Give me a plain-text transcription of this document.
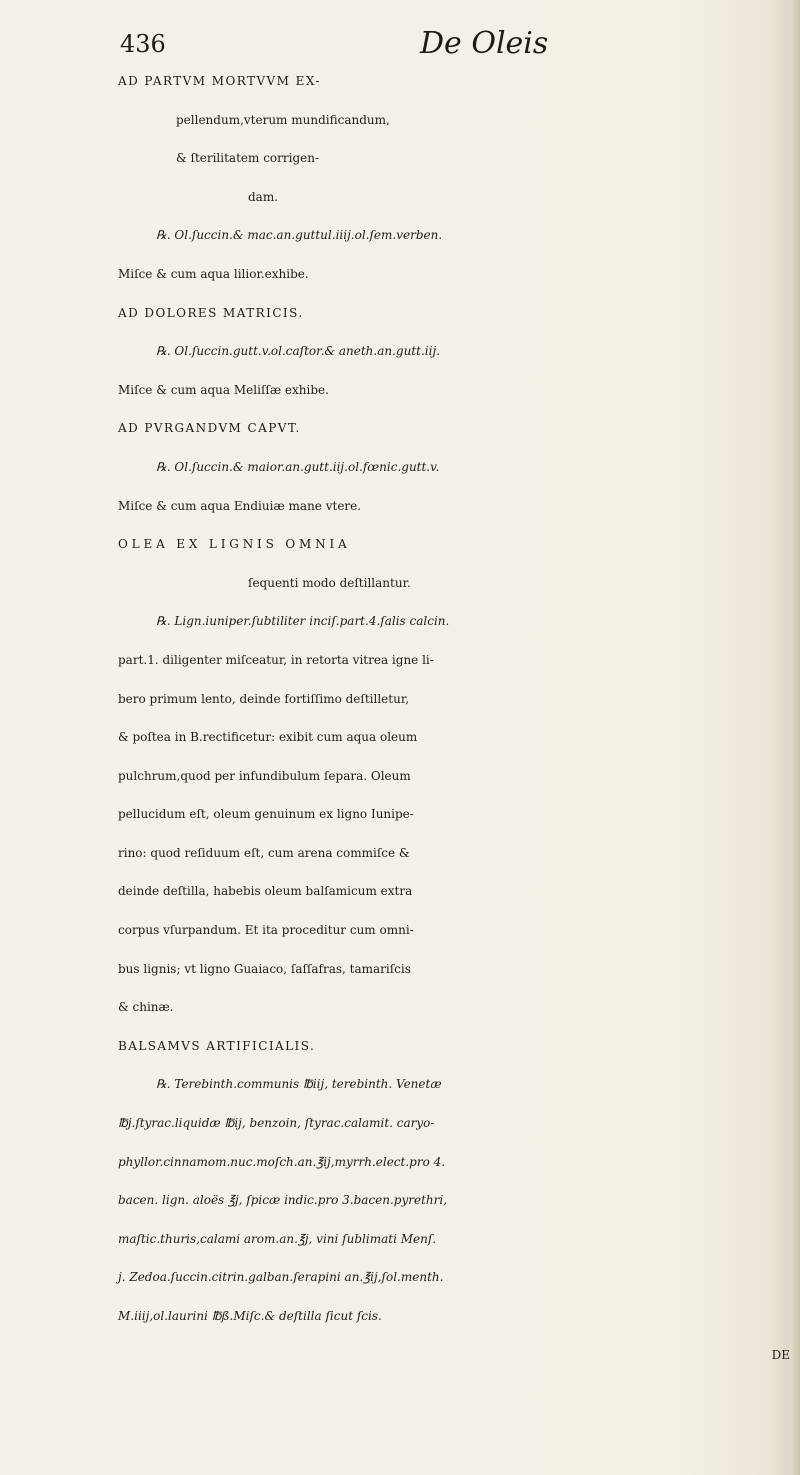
436	De Oleis
AD PARTVM MORTVVM EX-
pellendum,vterum mundificandum,
& ſterilitatem corrigen-
dam.
℞. Ol.ſuccin.& mac.an.guttul.iiij.ol.ſem.verben.
Miſce & cum aqua lilior.exhibe.
AD DOLORES MATRICIS.
℞. Ol.ſuccin.gutt.v.ol.caſtor.& aneth.an.gutt.iij.
Miſce & cum aqua Meliſſæ exhibe.
AD PVRGANDVM CAPVT.
℞. Ol.ſuccin.& maior.an.gutt.iij.ol.fœnic.gutt.v.
Miſce & cum aqua Endiuiæ mane vtere.
OLEA EX LIGNIS OMNIA
ſequenti modo deſtillantur.
℞. Lign.iuniper.ſubtiliter inciſ.part.4.ſalis calcin.
part.1. diligenter miſceatur, in retorta vitrea igne li-
bero primum lento, deinde fortiſſimo deſtilletur,
& poſtea in B.rectificetur: exibit cum aqua oleum
pulchrum,quod per infundibulum ſepara. Oleum
pellucidum eſt, oleum genuinum ex ligno Iunipe-
rino: quod reſiduum eſt, cum arena commiſce &
deinde deſtilla, habebis oleum balſamicum extra
corpus vſurpandum. Et ita proceditur cum omni-
bus lignis; vt ligno Guaiaco, ſaſſafras, tamariſcis
& chinæ.
BALSAMVS ARTIFICIALIS.
℞. Terebinth.communis ℔iij, terebinth. Venetæ
℔j.ſtyrac.liquidæ ℔ij, benzoin, ſtyrac.calamit. caryo-
phyllor.cinnamom.nuc.moſch.an.℥ij,myrrh.elect.pro 4.
bacen. lign. aloës ℥j, ſpicæ indic.pro 3.bacen.pyrethri,
maſtic.thuris,calami arom.an.℥j, vini ſublimati Menſ.
j. Zedoa.ſuccin.citrin.galban.ſerapini an.℥ij,ſol.menth.
M.iiij,ol.laurini ℔ß.Miſc.& deſtilla ſicut ſcis.
DE
